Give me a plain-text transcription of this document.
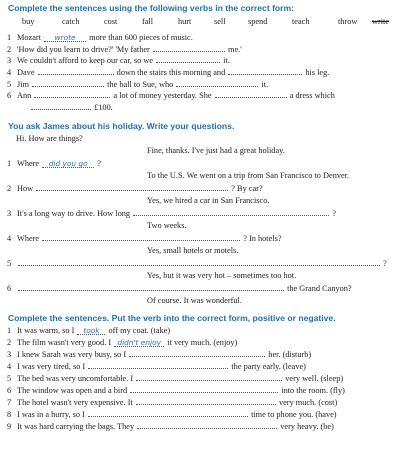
Complete the sentences using the following verbs in the correct form:
buy	catch	cost	fall	hurt	sell	spend	teach	throw write
1 Mozart wrote more than 600 pieces of music.
2 'How did you learn to drive?' 'My father	me.'
3 We couldn't afford to keep our car, so we	it.
4 Dave	down the stairs this morning and	his leg.
5 Jim	the ball to Sue, who	it.
6 Ann	a lot of money yesterday. She	a dress which
£100.
You ask James about his holiday. Write your questions.
Hi. How are things?
Fine, thanks. I've just had a great holiday.
1 Where did you go ?
To the U.S. We went on a trip from San Francisco to Denver.
2 How	? By car?
Yes, we hired a car in San Francisco.
3 It's a long way to drive. How long	?
Two weeks.
4 Where	? In hotels?
Yes, small hotels or motels.
5	?
Yes, but it was very hot – sometimes too hot.
6	the Grand Canyon?
Of course. It was wonderful.
Complete the sentences. Put the verb into the correct form, positive or negative.
1 It was warm, so I took off my coat. (take)
2 The film wasn't very good. I didn't enjoy it very much. (enjoy)
3 I knew Sarah was very busy, so I	her. (disturb)
4 I was very tired, so I	the party early. (leave)
5 The bed was very uncomfortable. I	very well. (sleep)
6 The window was open and a bird	into the room. (fly)
7 The hotel wasn't very expensive. It	very much. (cost)
8 I was in a hurry, so I	time to phone you. (have)
9 It was hard carrying the bags. They	very heavy. (be)
